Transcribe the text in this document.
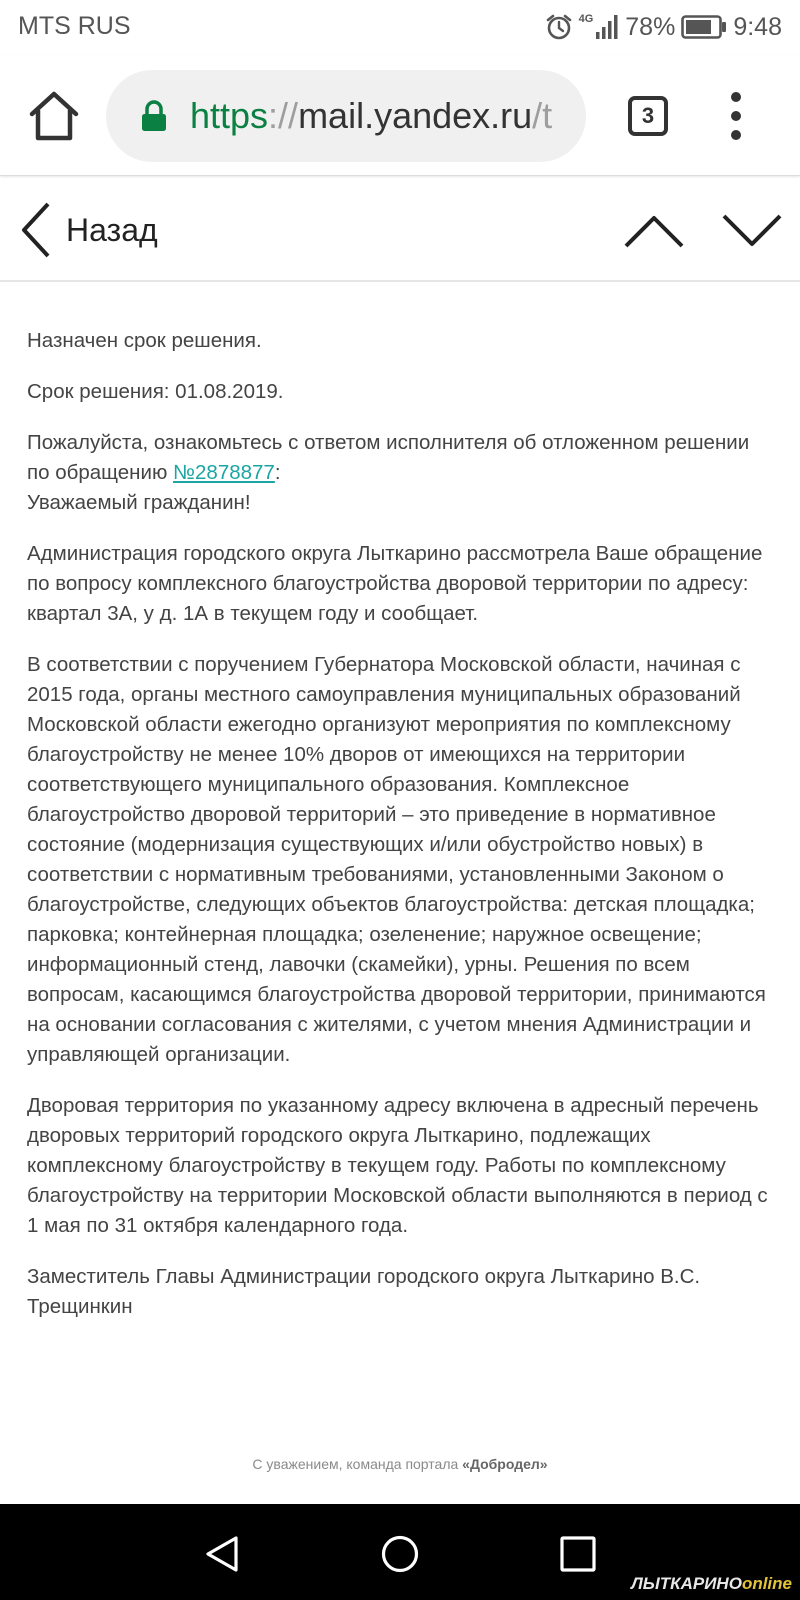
MTS RUS	4G 78% 9:48
https://mail.yandex.ru/t	3
Назад

Назначен срок решения.

Срок решения: 01.08.2019.

Пожалуйста, ознакомьтесь с ответом исполнителя об отложенном решении по обращению №2878877:
Уважаемый гражданин!

Администрация городского округа Лыткарино рассмотрела Ваше обращение по вопросу комплексного благоустройства дворовой территории по адресу: квартал 3А, у д. 1А в текущем году и сообщает.

В соответствии с поручением Губернатора Московской области, начиная с 2015 года, органы местного самоуправления муниципальных образований Московской области ежегодно организуют мероприятия по комплексному благоустройству не менее 10% дворов от имеющихся на территории соответствующего муниципального образования. Комплексное благоустройство дворовой территорий – это приведение в нормативное состояние (модернизация существующих и/или обустройство новых) в соответствии с нормативным требованиями, установленными Законом о благоустройстве, следующих объектов благоустройства: детская площадка; парковка; контейнерная площадка; озеленение; наружное освещение; информационный стенд, лавочки (скамейки), урны. Решения по всем вопросам, касающимся благоустройства дворовой территории, принимаются на основании согласования с жителями, с учетом мнения Администрации и управляющей организации.

Дворовая территория по указанному адресу включена в адресный перечень дворовых территорий городского округа Лыткарино, подлежащих комплексному благоустройству в текущем году. Работы по комплексному благоустройству на территории Московской области выполняются в период с 1 мая по 31 октября календарного года.

Заместитель Главы Администрации городского округа Лыткарино В.С. Трещинкин

С уважением, команда портала «Добродел»
ЛЫТКАРИНОonline
